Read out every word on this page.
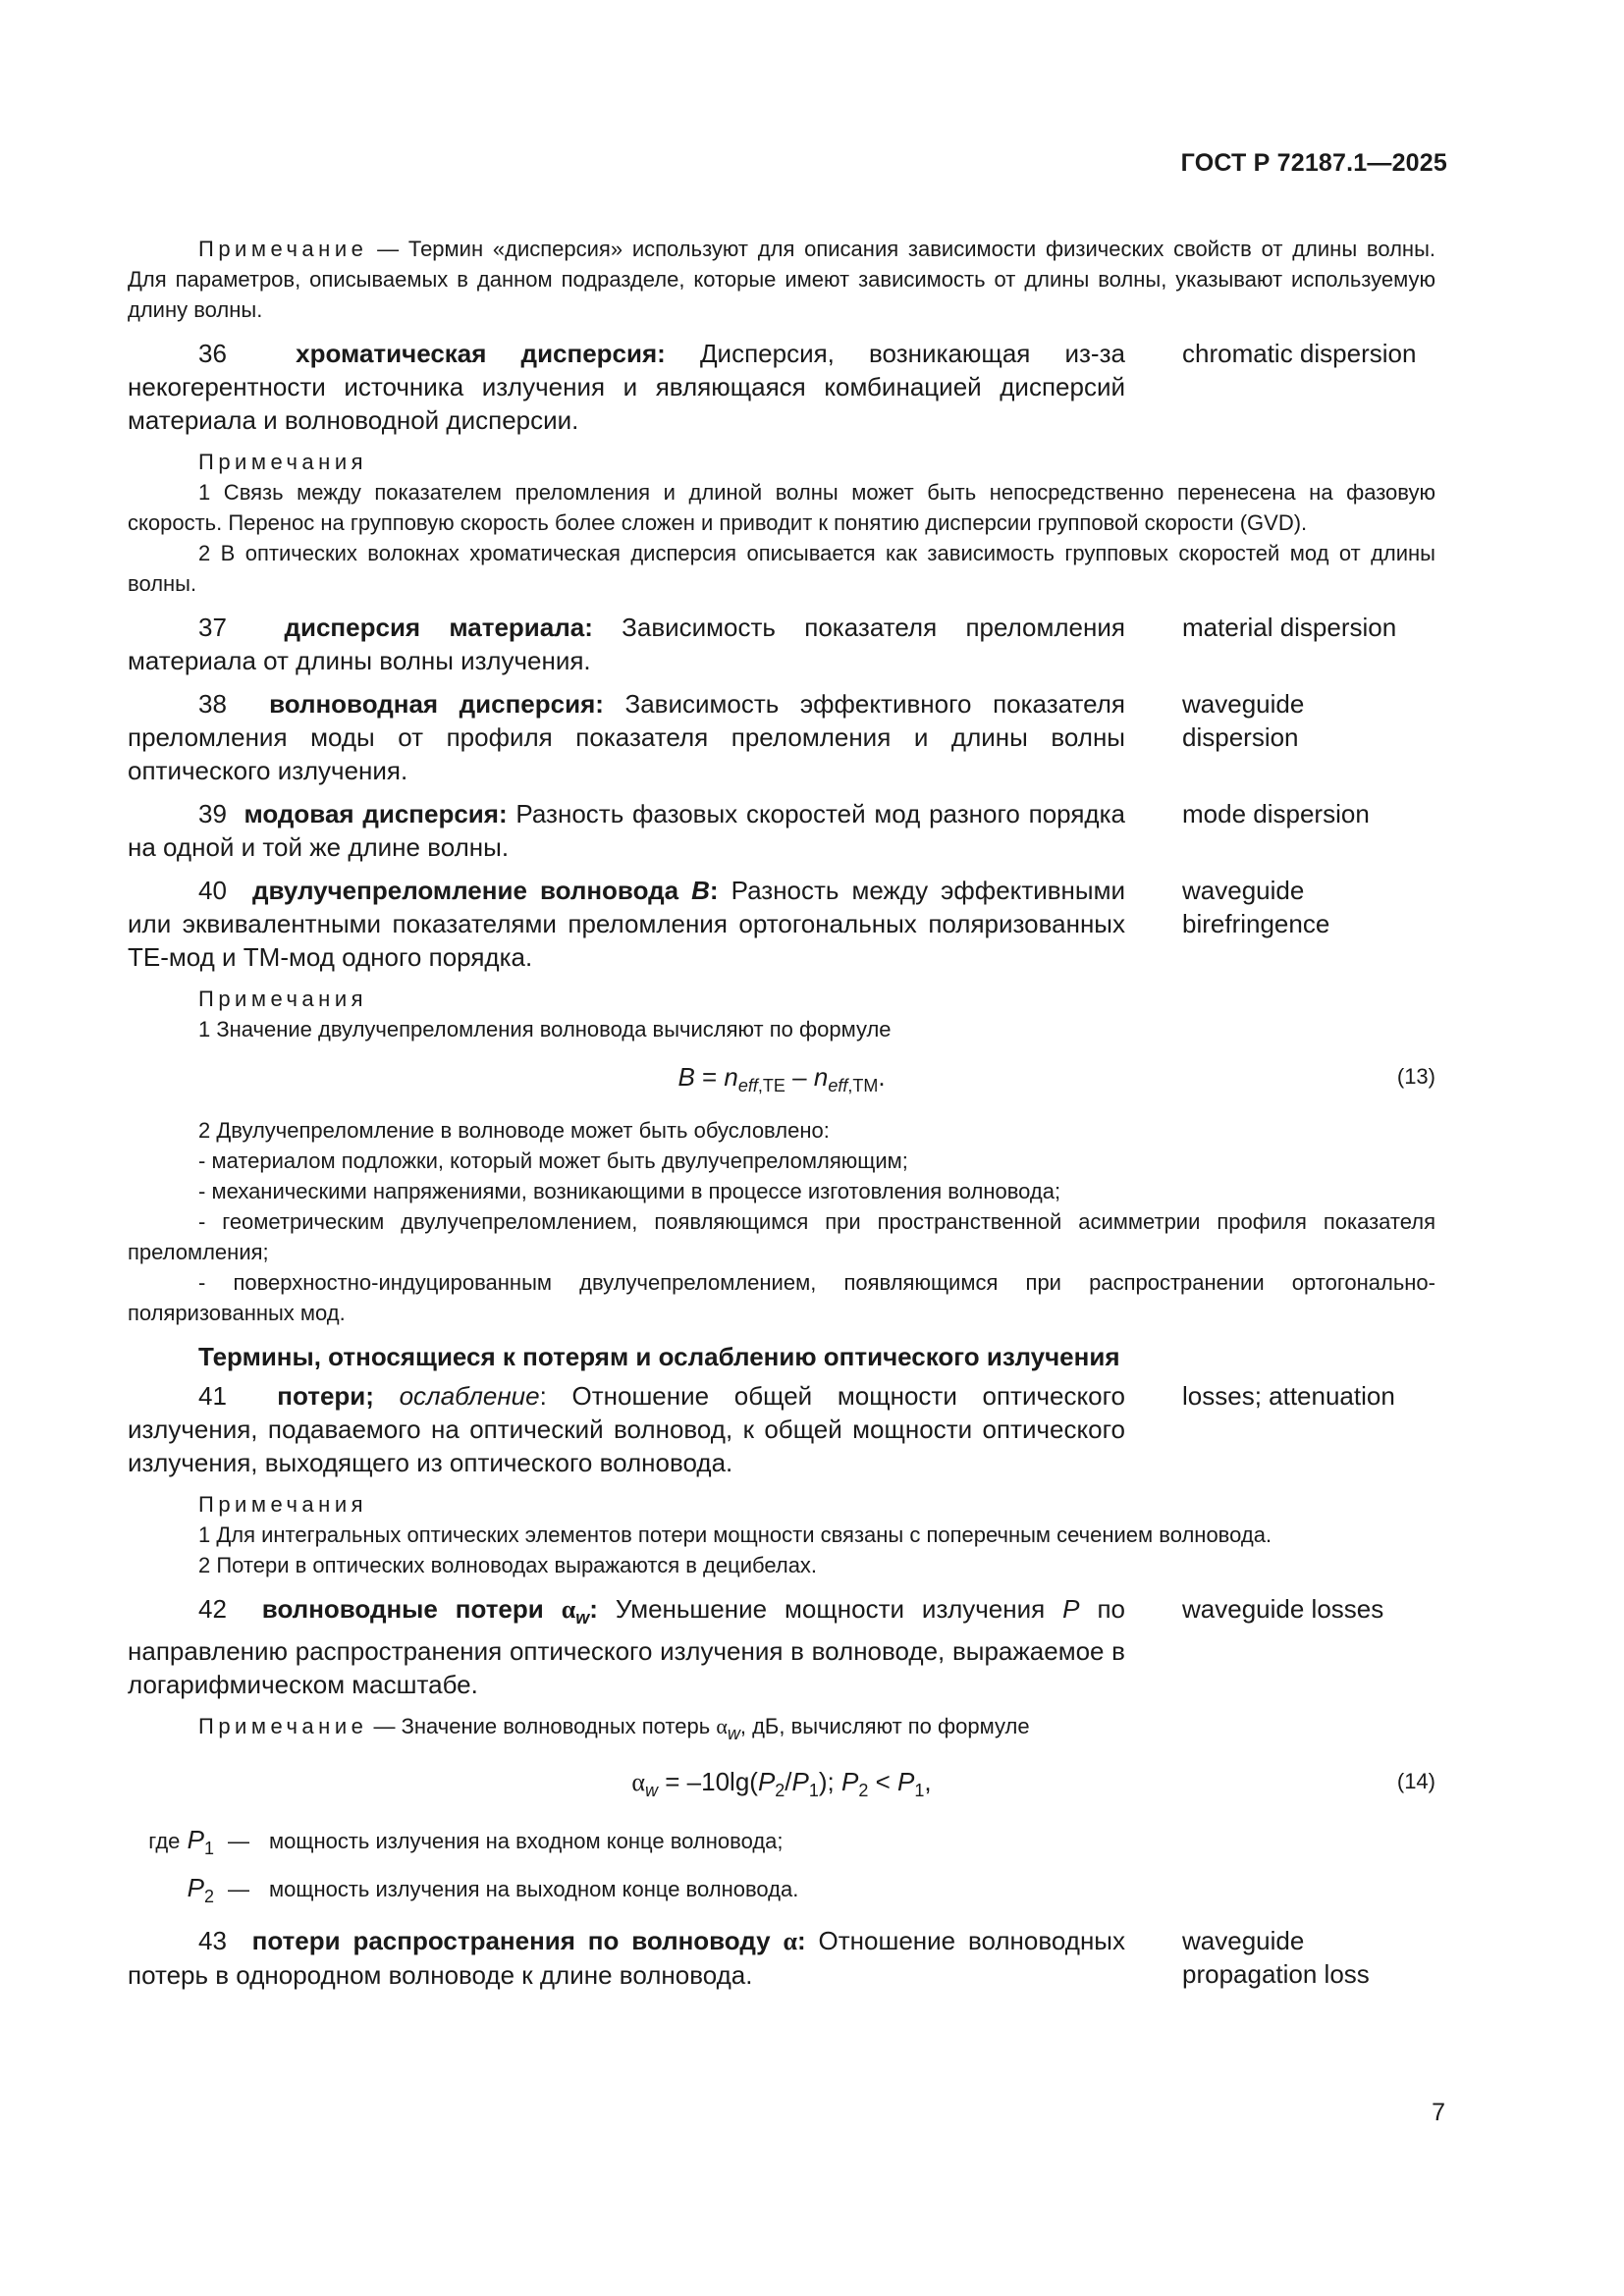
ГОСТ Р 72187.1—2025

Примечание — Термин «дисперсия» используют для описания зависимости физических свойств от длины волны. Для параметров, описываемых в данном подразделе, которые имеют зависимость от длины волны, указывают используемую длину волны.

36	хроматическая дисперсия: Дисперсия, возникающая из-за некогерентности источника излучения и являющаяся комбинацией дисперсий материала и волноводной дисперсии.
chromatic dispersion
Примечания
1 Связь между показателем преломления и длиной волны может быть непосредственно перенесена на фазовую скорость. Перенос на групповую скорость более сложен и приводит к понятию дисперсии групповой скорости (GVD).
2 В оптических волокнах хроматическая дисперсия описывается как зависимость групповых скоростей мод от длины волны.
37 дисперсия материала: Зависимость показателя преломления материала от длины волны излучения.
material dispersion
38 волноводная дисперсия: Зависимость эффективного показателя преломления моды от профиля показателя преломления и длины волны оптического излучения.
waveguide
dispersion
39 модовая дисперсия: Разность фазовых скоростей мод разного порядка на одной и той же длине волны.
mode dispersion
40 двулучепреломление волновода B: Разность между эффективными или эквивалентными показателями преломления ортогональных поляризованных ТЕ-мод и ТМ-мод одного порядка.
waveguide
birefringence
Примечания
1 Значение двулучепреломления волновода вычисляют по формуле
$B = n_{eff,TE} - n_{eff,TM}$.	(13)
2 Двулучепреломление в волноводе может быть обусловлено:
- материалом подложки, который может быть двулучепреломляющим;
- механическими напряжениями, возникающими в процессе изготовления волновода;
- геометрическим двулучепреломлением, появляющимся при пространственной асимметрии профиля показателя преломления;
- поверхностно-индуцированным двулучепреломлением, появляющимся при распространении ортогонально-поляризованных мод.
Термины, относящиеся к потерям и ослаблению оптического излучения
41 потери; ослабление: Отношение общей мощности оптического излучения, подаваемого на оптический волновод, к общей мощности оптического излучения, выходящего из оптического волновода.
losses; attenuation
Примечания
1 Для интегральных оптических элементов потери мощности связаны с поперечным сечением волновода.
2 Потери в оптических волноводах выражаются в децибелах.
42 волноводные потери $\alpha_w$: Уменьшение мощности излучения P по направлению распространения оптического излучения в волноводе, выражаемое в логарифмическом масштабе.
waveguide losses

Примечание — Значение волноводных потерь $\alpha_w$, дБ, вычисляют по формуле

$\alpha_w = -10\lg(P_2/P_1)$; $P_2 < P_1$,	(14)
где $P_1$ — мощность излучения на входном конце волновода;
$P_2$ — мощность излучения на выходном конце волновода.
43 потери распространения по волноводу α: Отношение волноводных потерь в однородном волноводе к длине волновода.
waveguide
propagation loss
7
